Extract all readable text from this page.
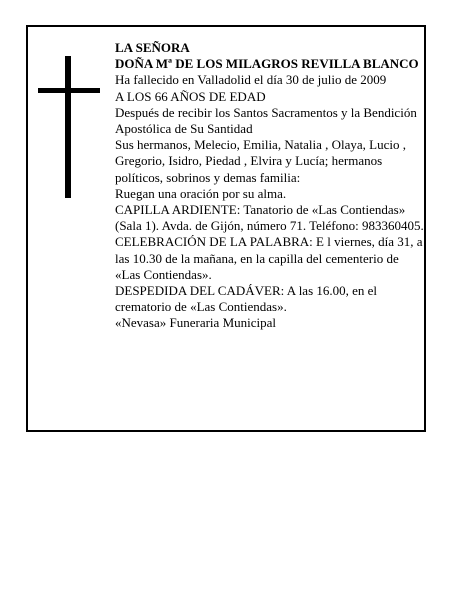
LA SEÑORA
DOÑA Mª DE LOS MILAGROS REVILLA BLANCO
Ha fallecido en Valladolid el día 30 de julio de 2009
A LOS 66 AÑOS DE EDAD
Después de recibir los Santos Sacramentos y la Bendición Apostólica de Su Santidad
Sus hermanos, Melecio, Emilia, Natalia , Olaya, Lucio , Gregorio, Isidro, Piedad , Elvira y Lucía; hermanos políticos, sobrinos y demas familia:
Ruegan una oración por su alma.
CAPILLA ARDIENTE: Tanatorio de «Las Contiendas» (Sala 1). Avda. de Gijón, número 71. Teléfono: 983360405.
CELEBRACIÓN DE LA PALABRA: E l viernes, día 31, a las 10.30 de la mañana, en la capilla del cementerio de «Las Contiendas».
DESPEDIDA DEL CADÁVER: A las 16.00, en el crematorio de «Las Contiendas».
«Nevasa» Funeraria Municipal
